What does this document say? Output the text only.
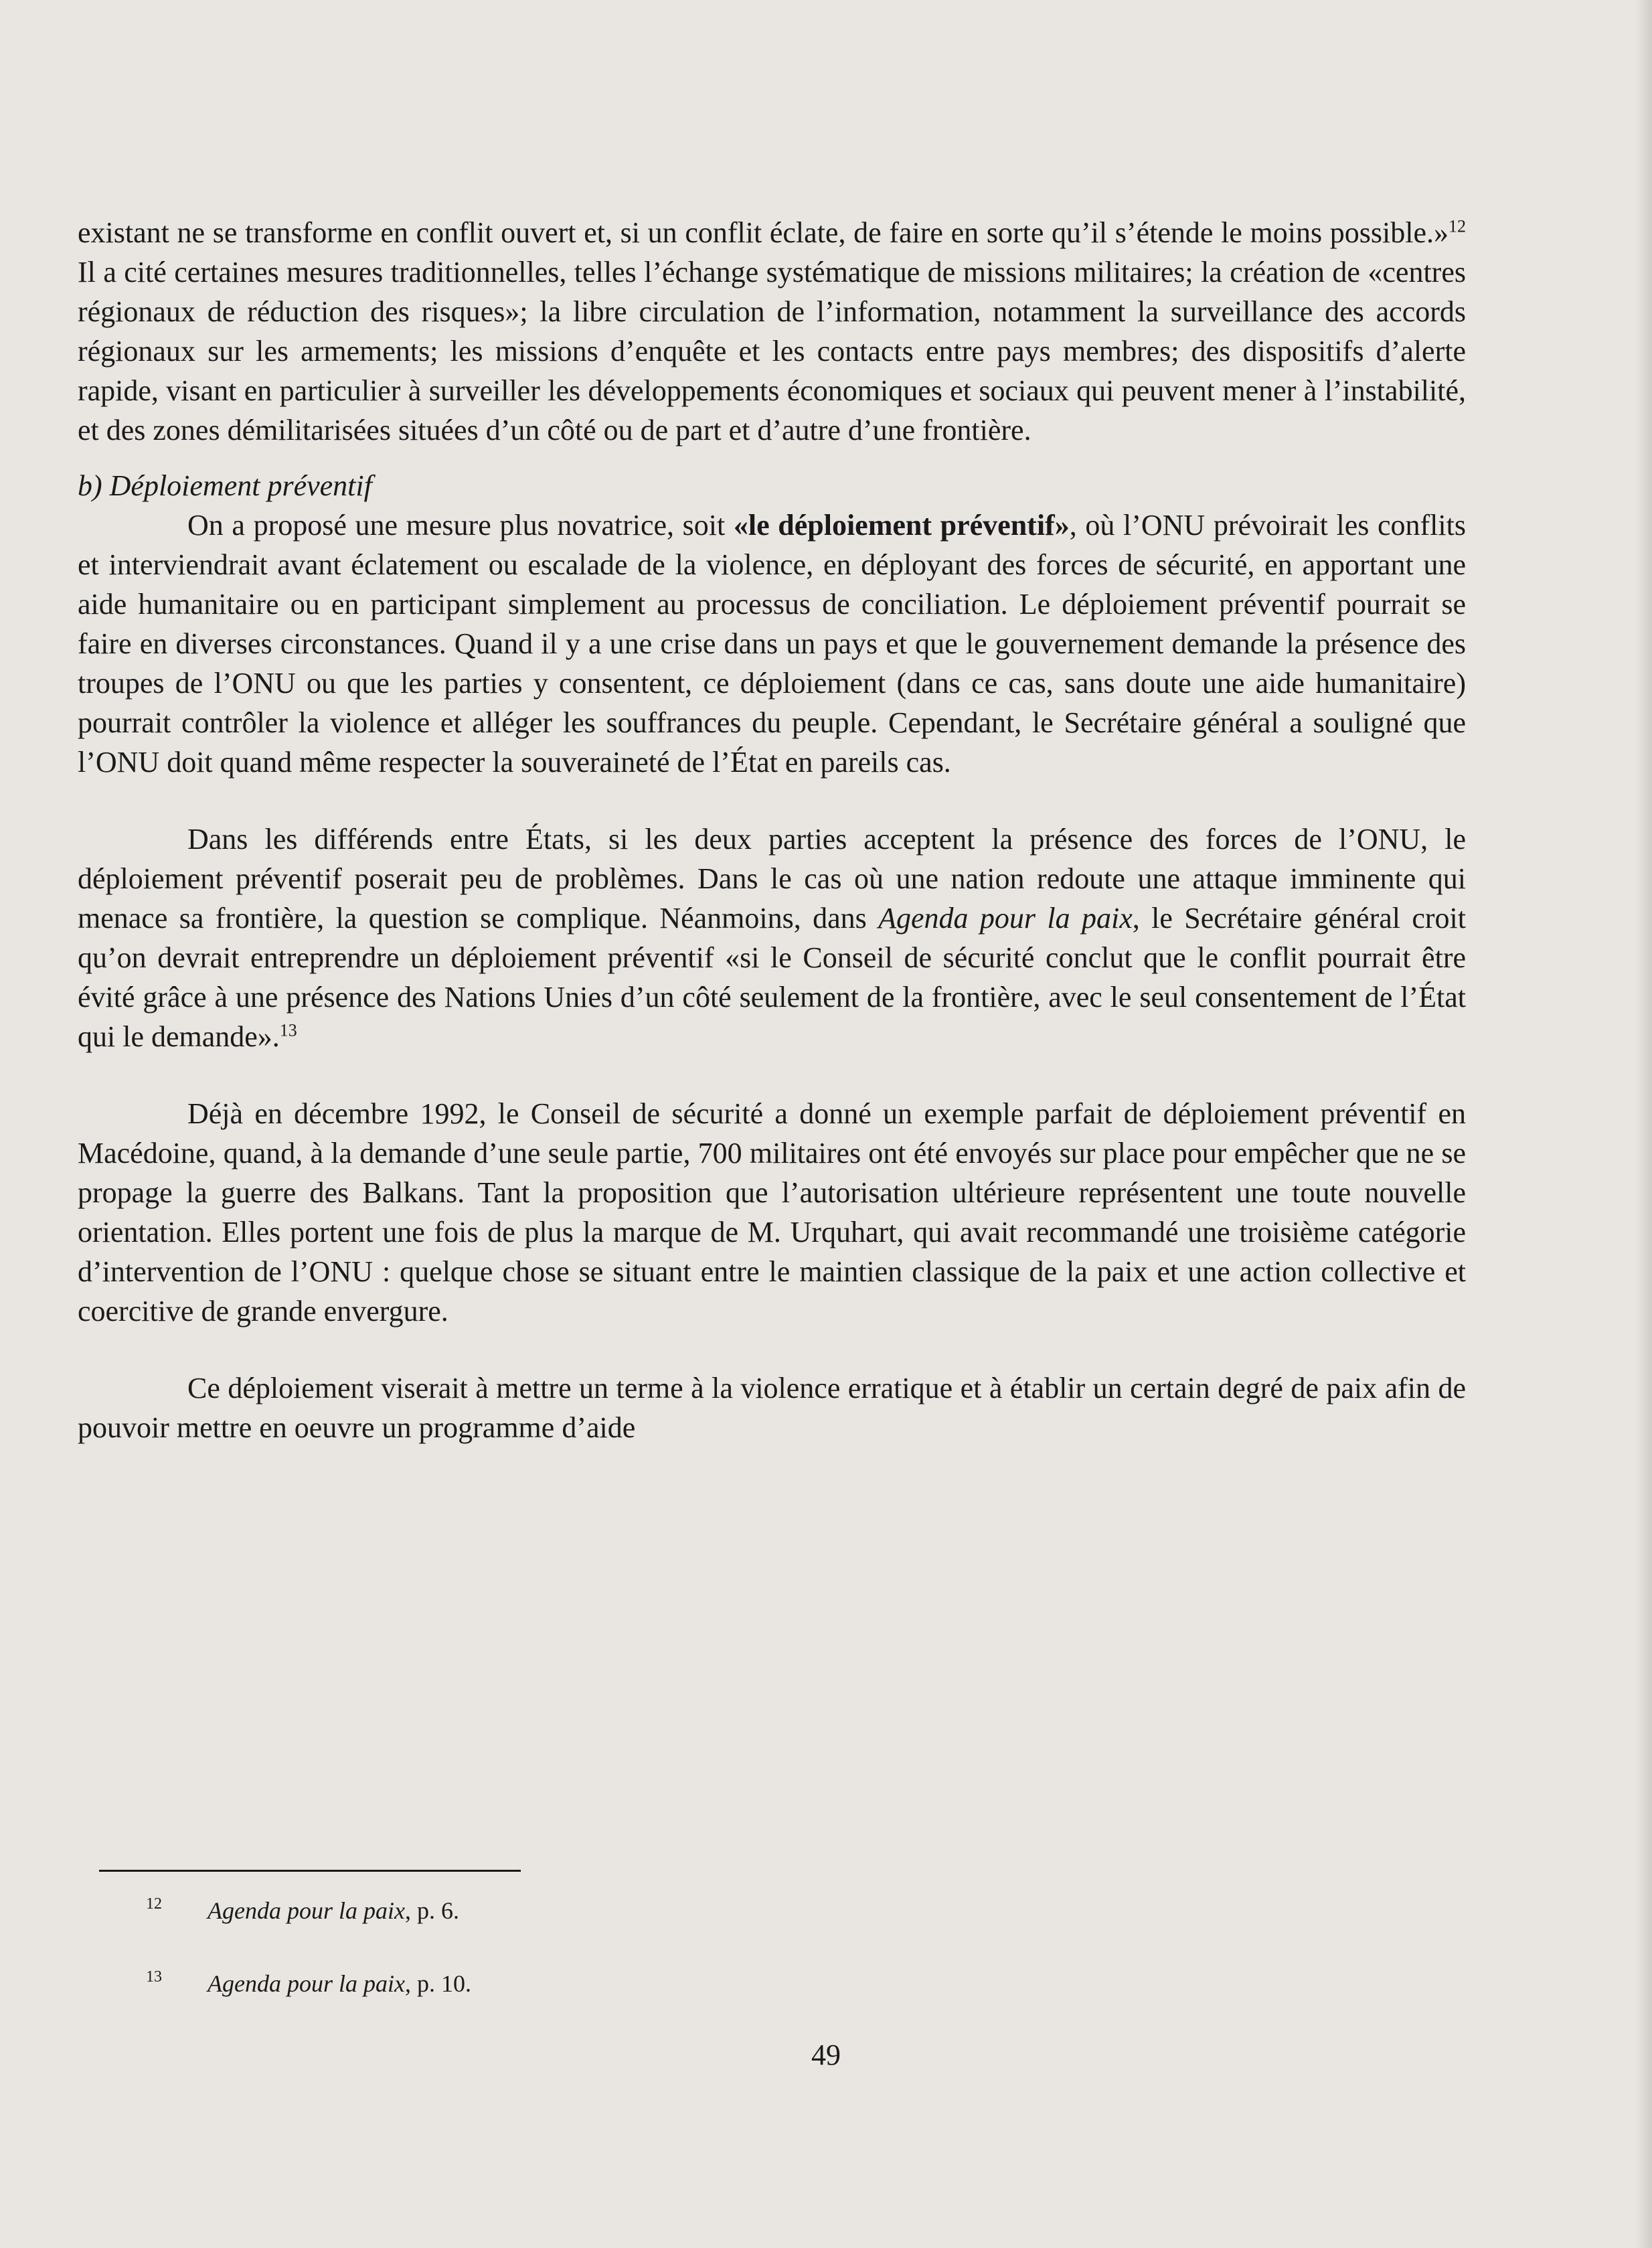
existant ne se transforme en conflit ouvert et, si un conflit éclate, de faire en sorte qu’il s’étende le moins possible.»$^{12}$ Il a cité certaines mesures traditionnelles, telles l’échange systématique de missions militaires; la création de «centres régionaux de réduction des risques»; la libre circulation de l’information, notamment la surveillance des accords régionaux sur les armements; les missions d’enquête et les contacts entre pays membres; des dispositifs d’alerte rapide, visant en particulier à surveiller les développements économiques et sociaux qui peuvent mener à l’instabilité, et des zones démilitarisées situées d’un côté ou de part et d’autre d’une frontière.

b) Déploiement préventif

On a proposé une mesure plus novatrice, soit «le déploiement préventif», où l’ONU prévoirait les conflits et interviendrait avant éclatement ou escalade de la violence, en déployant des forces de sécurité, en apportant une aide humanitaire ou en participant simplement au processus de conciliation. Le déploiement préventif pourrait se faire en diverses circonstances. Quand il y a une crise dans un pays et que le gouvernement demande la présence des troupes de l’ONU ou que les parties y consentent, ce déploiement (dans ce cas, sans doute une aide humanitaire) pourrait contrôler la violence et alléger les souffrances du peuple. Cependant, le Secrétaire général a souligné que l’ONU doit quand même respecter la souveraineté de l’État en pareils cas.

Dans les différends entre États, si les deux parties acceptent la présence des forces de l’ONU, le déploiement préventif poserait peu de problèmes. Dans le cas où une nation redoute une attaque imminente qui menace sa frontière, la question se complique. Néanmoins, dans Agenda pour la paix, le Secrétaire général croit qu’on devrait entreprendre un déploiement préventif «si le Conseil de sécurité conclut que le conflit pourrait être évité grâce à une présence des Nations Unies d’un côté seulement de la frontière, avec le seul consentement de l’État qui le demande».$^{13}$

Déjà en décembre 1992, le Conseil de sécurité a donné un exemple parfait de déploiement préventif en Macédoine, quand, à la demande d’une seule partie, 700 militaires ont été envoyés sur place pour empêcher que ne se propage la guerre des Balkans. Tant la proposition que l’autorisation ultérieure représentent une toute nouvelle orientation. Elles portent une fois de plus la marque de M. Urquhart, qui avait recommandé une troisième catégorie d’intervention de l’ONU : quelque chose se situant entre le maintien classique de la paix et une action collective et coercitive de grande envergure.

Ce déploiement viserait à mettre un terme à la violence erratique et à établir un certain degré de paix afin de pouvoir mettre en oeuvre un programme d’aide

12 Agenda pour la paix, p. 6.
13 Agenda pour la paix, p. 10.
49
